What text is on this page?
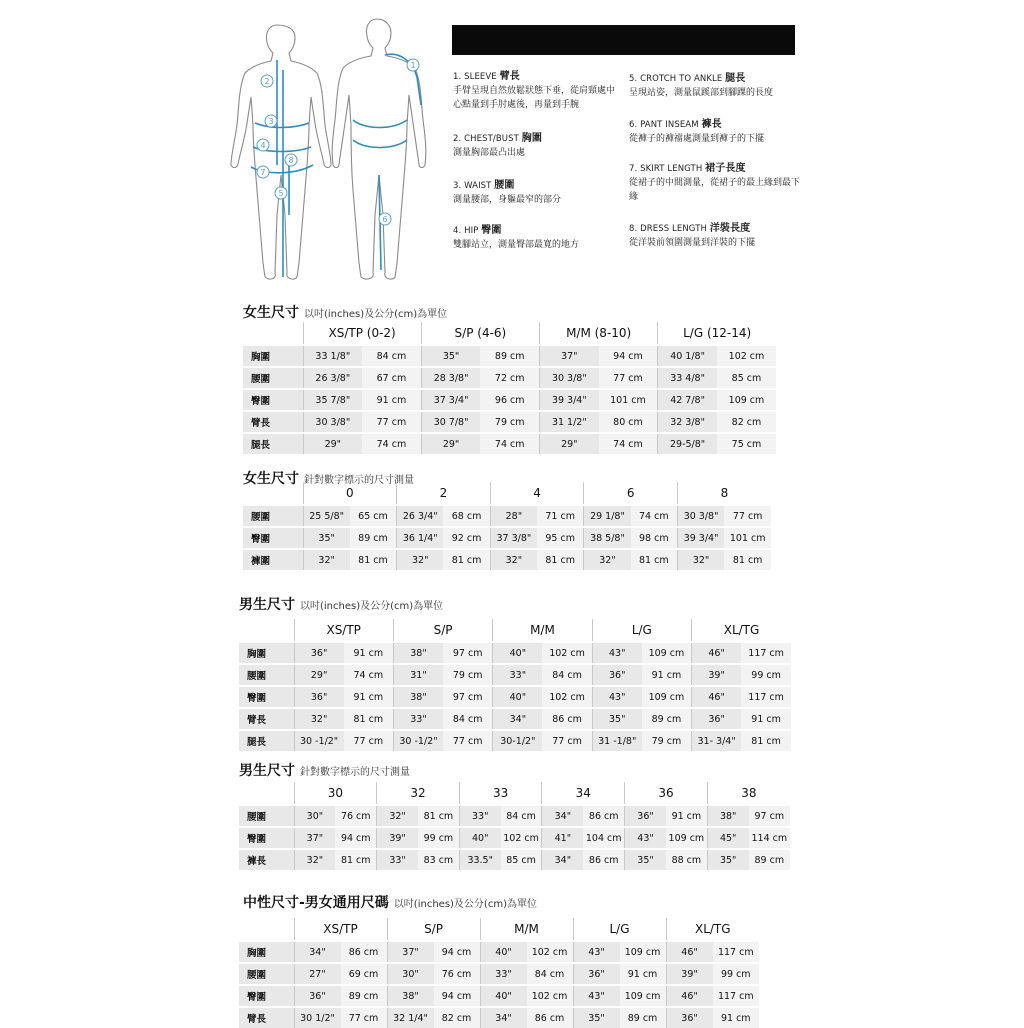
2
3
4
8
7
5
1
6
1. SLEEVE 臂長
手臂呈現自然放鬆狀態下垂，從肩頸處中心點量到手肘處後，再量到手腕
2. CHEST/BUST 胸圍
測量胸部最凸出處
3. WAIST 腰圍
測量腰部，身軀最窄的部分
4. HIP 臀圍
雙腳站立，測量臀部最寬的地方
5. CROTCH TO ANKLE 腿長
呈現站姿，測量鼠蹊部到腳踝的長度
6. PANT INSEAM 褲長
從褲子的褲襠處測量到褲子的下擺
7. SKIRT LENGTH 裙子長度
從裙子的中間測量，從裙子的最上緣到最下緣
8. DRESS LENGTH 洋裝長度
從洋裝前領圍測量到洋裝的下擺
女生尺寸 以吋(inches)及公分(cm)為單位
女生尺寸 針對數字標示的尺寸測量
男生尺寸 以吋(inches)及公分(cm)為單位
男生尺寸 針對數字標示的尺寸測量
中性尺寸-男女通用尺碼 以吋(inches)及公分(cm)為單位
	XS/TP (0-2)		S/P (4-6)		M/M (8-10)		L/G (12-14)	
胸圍	33 1/8"	84 cm	35"	89 cm	37"	94 cm	40 1/8"	102 cm
腰圍	26 3/8"	67 cm	28 3/8"	72 cm	30 3/8"	77 cm	33 4/8"	85 cm
臀圍	35 7/8"	91 cm	37 3/4"	96 cm	39 3/4"	101 cm	42 7/8"	109 cm
臂長	30 3/8"	77 cm	30 7/8"	79 cm	31 1/2"	80 cm	32 3/8"	82 cm
腿長	29"	74 cm	29"	74 cm	29"	74 cm	29-5/8"	75 cm
	0		2		4		6		8	
腰圍	25 5/8"	65 cm	26 3/4"	68 cm	28"	71 cm	29 1/8"	74 cm	30 3/8"	77 cm
臀圍	35"	89 cm	36 1/4"	92 cm	37 3/8"	95 cm	38 5/8"	98 cm	39 3/4"	101 cm
褲圍	32"	81 cm	32"	81 cm	32"	81 cm	32"	81 cm	32"	81 cm
	XS/TP		S/P		M/M		L/G		XL/TG	
胸圍	36"	91 cm	38"	97 cm	40"	102 cm	43"	109 cm	46"	117 cm
腰圍	29"	74 cm	31"	79 cm	33"	84 cm	36"	91 cm	39"	99 cm
臀圍	36"	91 cm	38"	97 cm	40"	102 cm	43"	109 cm	46"	117 cm
臂長	32"	81 cm	33"	84 cm	34"	86 cm	35"	89 cm	36"	91 cm
腿長	30 -1/2"	77 cm	30 -1/2"	77 cm	30-1/2"	77 cm	31 -1/8"	79 cm	31- 3/4"	81 cm
	30		32		33		34		36		38	
腰圍	30"	76 cm	32"	81 cm	33"	84 cm	34"	86 cm	36"	91 cm	38"	97 cm
臀圍	37"	94 cm	39"	99 cm	40"	102 cm	41"	104 cm	43"	109 cm	45"	114 cm
褲長	32"	81 cm	33"	83 cm	33.5"	85 cm	34"	86 cm	35"	88 cm	35"	89 cm
	XS/TP		S/P		M/M		L/G		XL/TG	
胸圍	34"	86 cm	37"	94 cm	40"	102 cm	43"	109 cm	46"	117 cm
腰圍	27"	69 cm	30"	76 cm	33"	84 cm	36"	91 cm	39"	99 cm
臀圍	36"	89 cm	38"	94 cm	40"	102 cm	43"	109 cm	46"	117 cm
臂長	30 1/2"	77 cm	32 1/4"	82 cm	34"	86 cm	35"	89 cm	36"	91 cm
